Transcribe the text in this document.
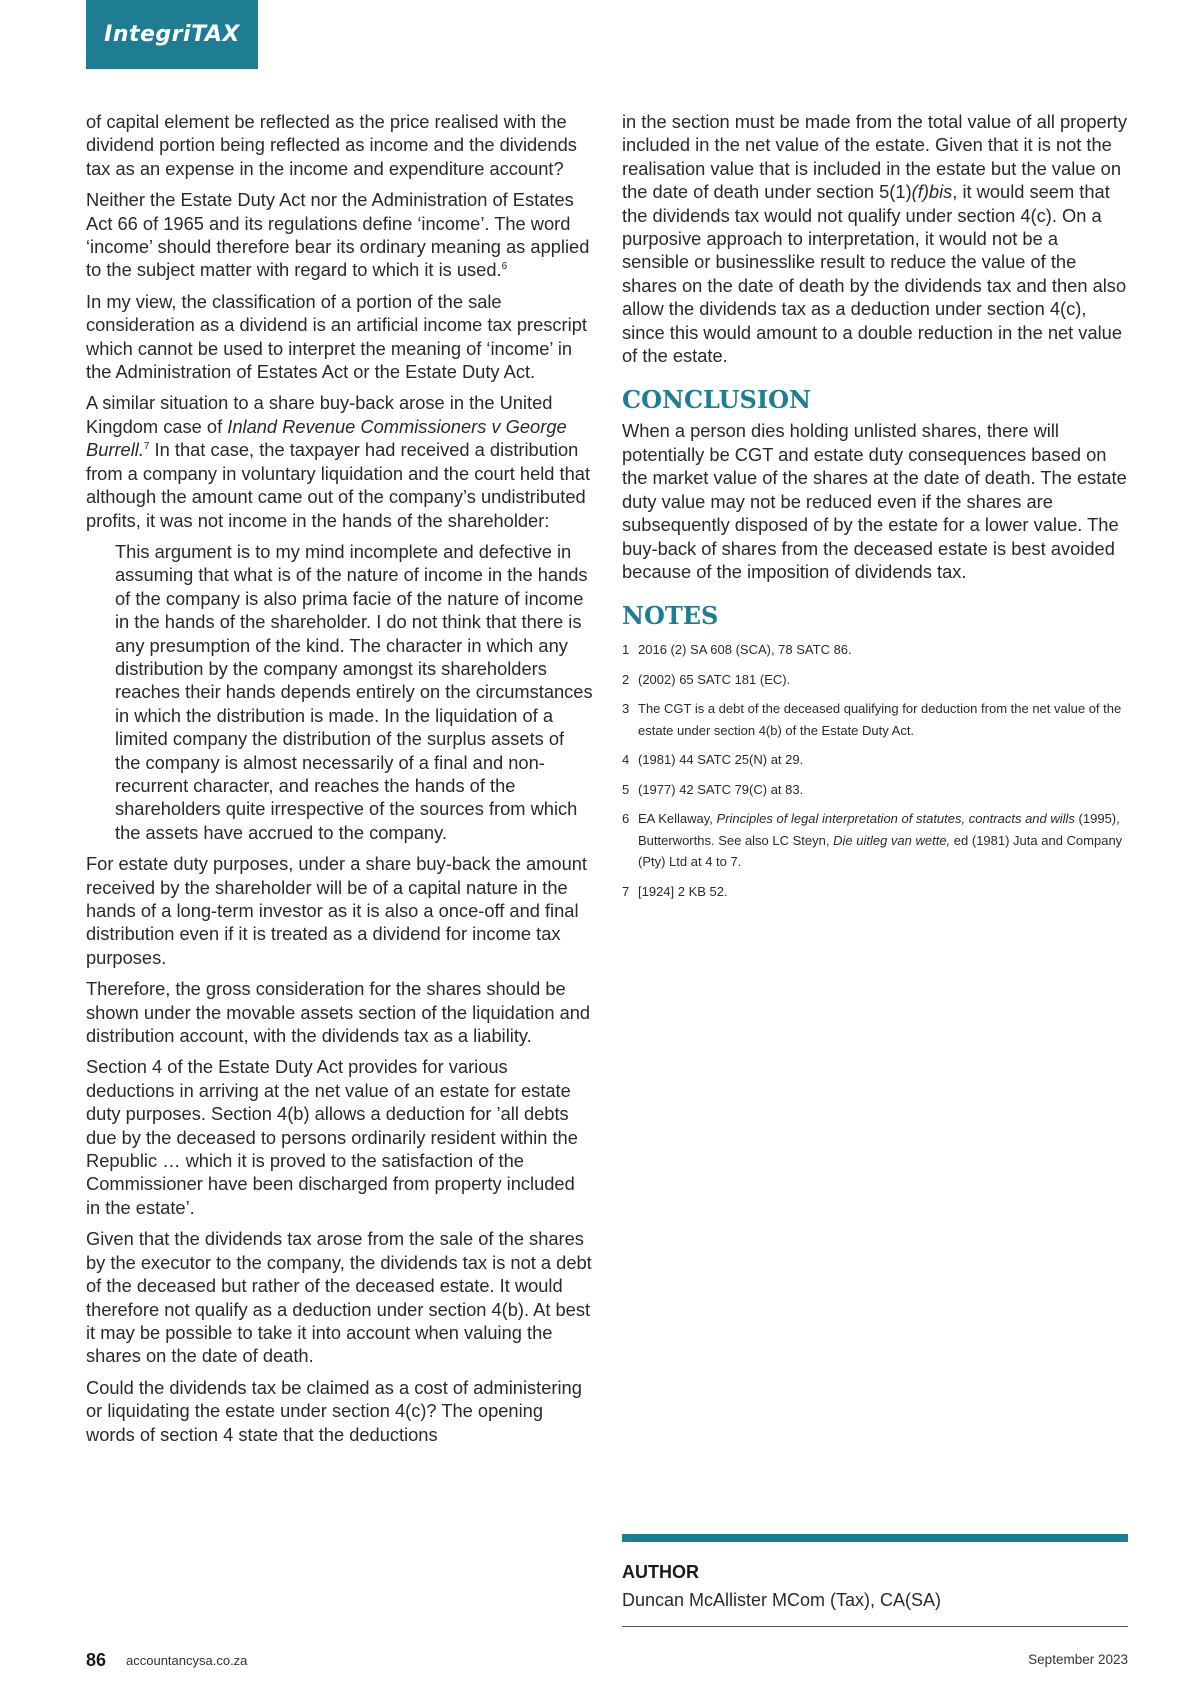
IntegriTAX

of capital element be reflected as the price realised with the dividend portion being reflected as income and the dividends tax as an expense in the income and expenditure account?

Neither the Estate Duty Act nor the Administration of Estates Act 66 of 1965 and its regulations define ‘income’. The word ‘income’ should therefore bear its ordinary meaning as applied to the subject matter with regard to which it is used.$^6$

In my view, the classification of a portion of the sale consideration as a dividend is an artificial income tax prescript which cannot be used to interpret the meaning of ‘income’ in the Administration of Estates Act or the Estate Duty Act.

A similar situation to a share buy-back arose in the United Kingdom case of Inland Revenue Commissioners v George Burrell.$^7$ In that case, the taxpayer had received a distribution from a company in voluntary liquidation and the court held that although the amount came out of the company’s undistributed profits, it was not income in the hands of the shareholder:

This argument is to my mind incomplete and defective in assuming that what is of the nature of income in the hands of the company is also prima facie of the nature of income in the hands of the shareholder. I do not think that there is any presumption of the kind. The character in which any distribution by the company amongst its shareholders reaches their hands depends entirely on the circumstances in which the distribution is made. In the liquidation of a limited company the distribution of the surplus assets of the company is almost necessarily of a final and non-recurrent character, and reaches the hands of the shareholders quite irrespective of the sources from which the assets have accrued to the company.

For estate duty purposes, under a share buy-back the amount received by the shareholder will be of a capital nature in the hands of a long-term investor as it is also a once-off and final distribution even if it is treated as a dividend for income tax purposes.

Therefore, the gross consideration for the shares should be shown under the movable assets section of the liquidation and distribution account, with the dividends tax as a liability.

Section 4 of the Estate Duty Act provides for various deductions in arriving at the net value of an estate for estate duty purposes. Section 4(b) allows a deduction for ’all debts due by the deceased to persons ordinarily resident within the Republic … which it is proved to the satisfaction of the Commissioner have been discharged from property included in the estate’.

Given that the dividends tax arose from the sale of the shares by the executor to the company, the dividends tax is not a debt of the deceased but rather of the deceased estate. It would therefore not qualify as a deduction under section 4(b). At best it may be possible to take it into account when valuing the shares on the date of death.

Could the dividends tax be claimed as a cost of administering or liquidating the estate under section 4(c)? The opening words of section 4 state that the deductions

in the section must be made from the total value of all property included in the net value of the estate. Given that it is not the realisation value that is included in the estate but the value on the date of death under section 5(1)(f)bis, it would seem that the dividends tax would not qualify under section 4(c). On a purposive approach to interpretation, it would not be a sensible or businesslike result to reduce the value of the shares on the date of death by the dividends tax and then also allow the dividends tax as a deduction under section 4(c), since this would amount to a double reduction in the net value of the estate.

CONCLUSION

When a person dies holding unlisted shares, there will potentially be CGT and estate duty consequences based on the market value of the shares at the date of death. The estate duty value may not be reduced even if the shares are subsequently disposed of by the estate for a lower value. The buy-back of shares from the deceased estate is best avoided because of the imposition of dividends tax.

NOTES
1 2016 (2) SA 608 (SCA), 78 SATC 86.
2 (2002) 65 SATC 181 (EC).
3 The CGT is a debt of the deceased qualifying for deduction from the net value of the estate under section 4(b) of the Estate Duty Act.
4 (1981) 44 SATC 25(N) at 29.
5 (1977) 42 SATC 79(C) at 83.
6 EA Kellaway, Principles of legal interpretation of statutes, contracts and wills (1995), Butterworths. See also LC Steyn, Die uitleg van wette, ed (1981) Juta and Company (Pty) Ltd at 4 to 7.
7 [1924] 2 KB 52.
AUTHOR
Duncan McAllister MCom (Tax), CA(SA)
86 accountancysa.co.za	September 2023
